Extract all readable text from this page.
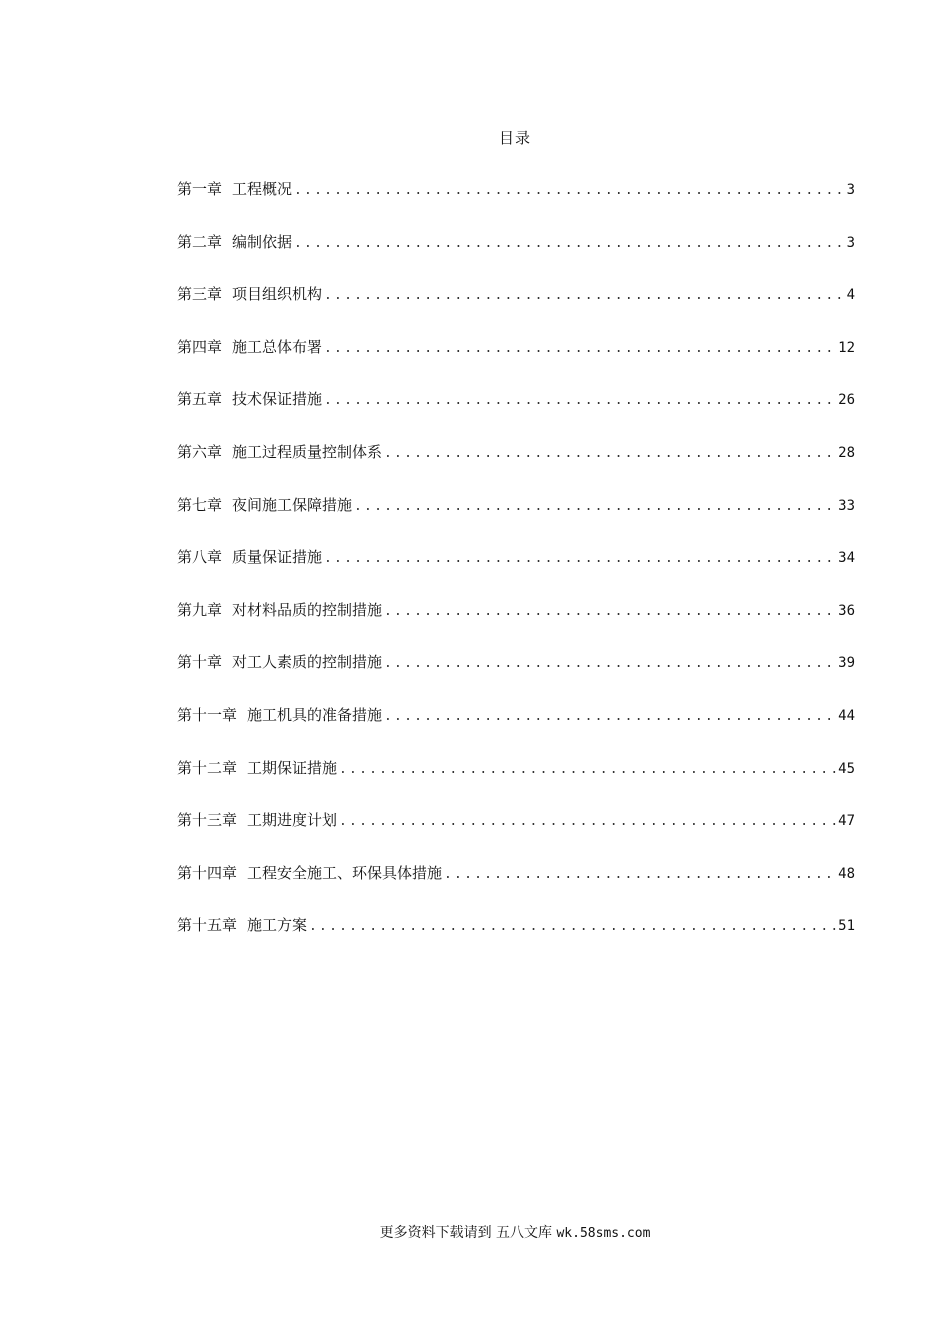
目录
第一章 工程概况 .....	3
第二章 编制依据 .....	3
第三章 项目组织机构 .....	4
第四章 施工总体布署 .....	12
第五章 技术保证措施 .....	26
第六章 施工过程质量控制体系 .....	28
第七章 夜间施工保障措施 .....	33
第八章 质量保证措施 .....	34
第九章 对材料品质的控制措施 .....	36
第十章 对工人素质的控制措施 .....	39
第十一章 施工机具的准备措施 .....	44
第十二章 工期保证措施 .....	45
第十三章 工期进度计划 .....	47
第十四章 工程安全施工、环保具体措施 .....	48
第十五章 施工方案 .....	51
更多资料下载请到 五八文库 wk.58sms.com
